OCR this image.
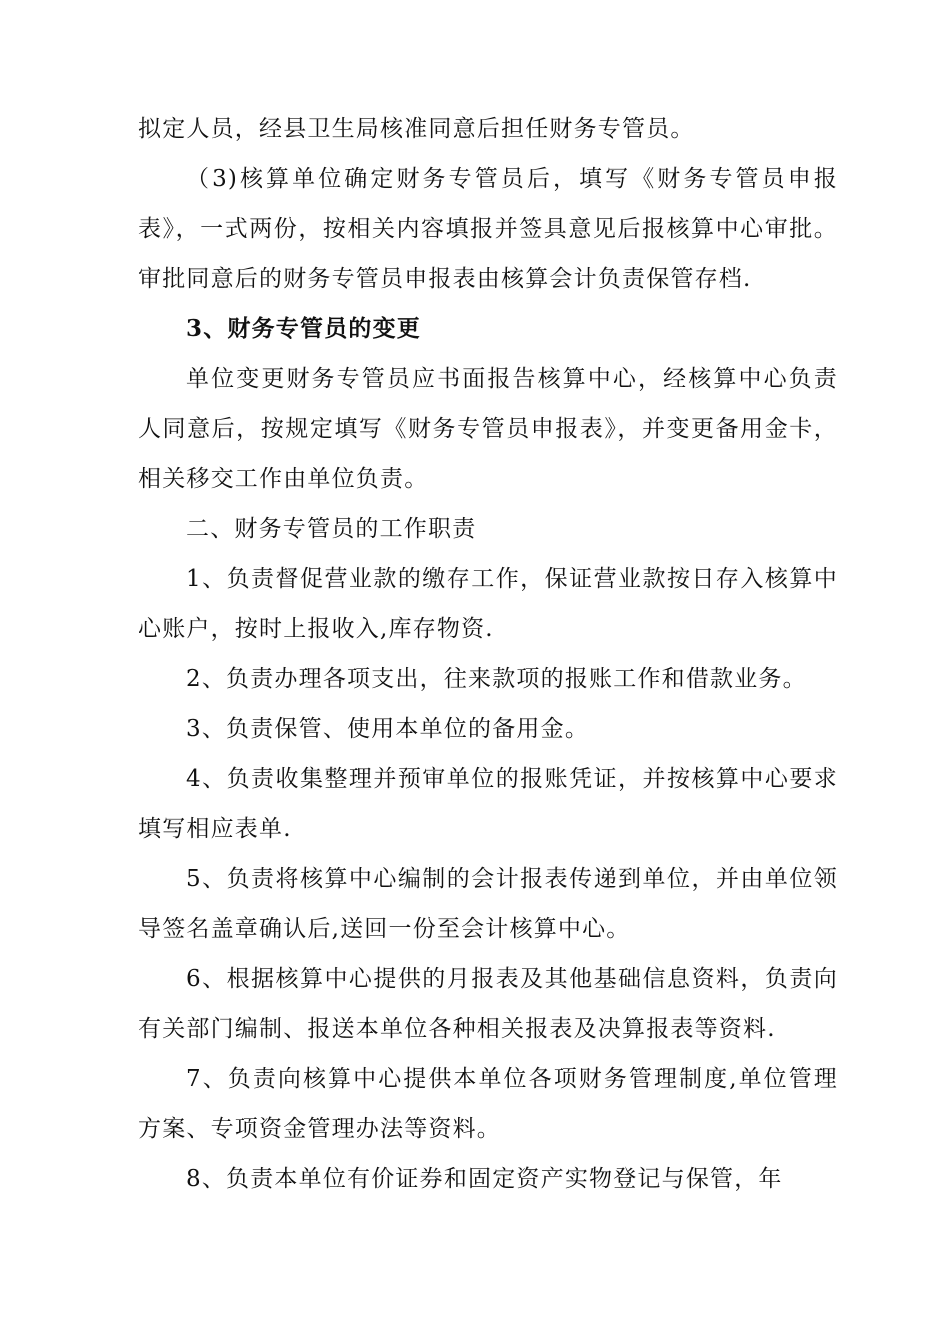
拟定人员，经县卫生局核准同意后担任财务专管员。

（3)核算单位确定财务专管员后，填写《财务专管员申报表》，一式两份，按相关内容填报并签具意见后报核算中心审批。审批同意后的财务专管员申报表由核算会计负责保管存档.

3、财务专管员的变更

单位变更财务专管员应书面报告核算中心，经核算中心负责人同意后，按规定填写《财务专管员申报表》，并变更备用金卡，相关移交工作由单位负责。

二、财务专管员的工作职责

1、负责督促营业款的缴存工作，保证营业款按日存入核算中心账户，按时上报收入,库存物资.

2、负责办理各项支出，往来款项的报账工作和借款业务。

3、负责保管、使用本单位的备用金。

4、负责收集整理并预审单位的报账凭证，并按核算中心要求填写相应表单.

5、负责将核算中心编制的会计报表传递到单位，并由单位领导签名盖章确认后,送回一份至会计核算中心。

6、根据核算中心提供的月报表及其他基础信息资料，负责向有关部门编制、报送本单位各种相关报表及决算报表等资料.

7、负责向核算中心提供本单位各项财务管理制度,单位管理方案、专项资金管理办法等资料。

8、负责本单位有价证券和固定资产实物登记与保管，年
